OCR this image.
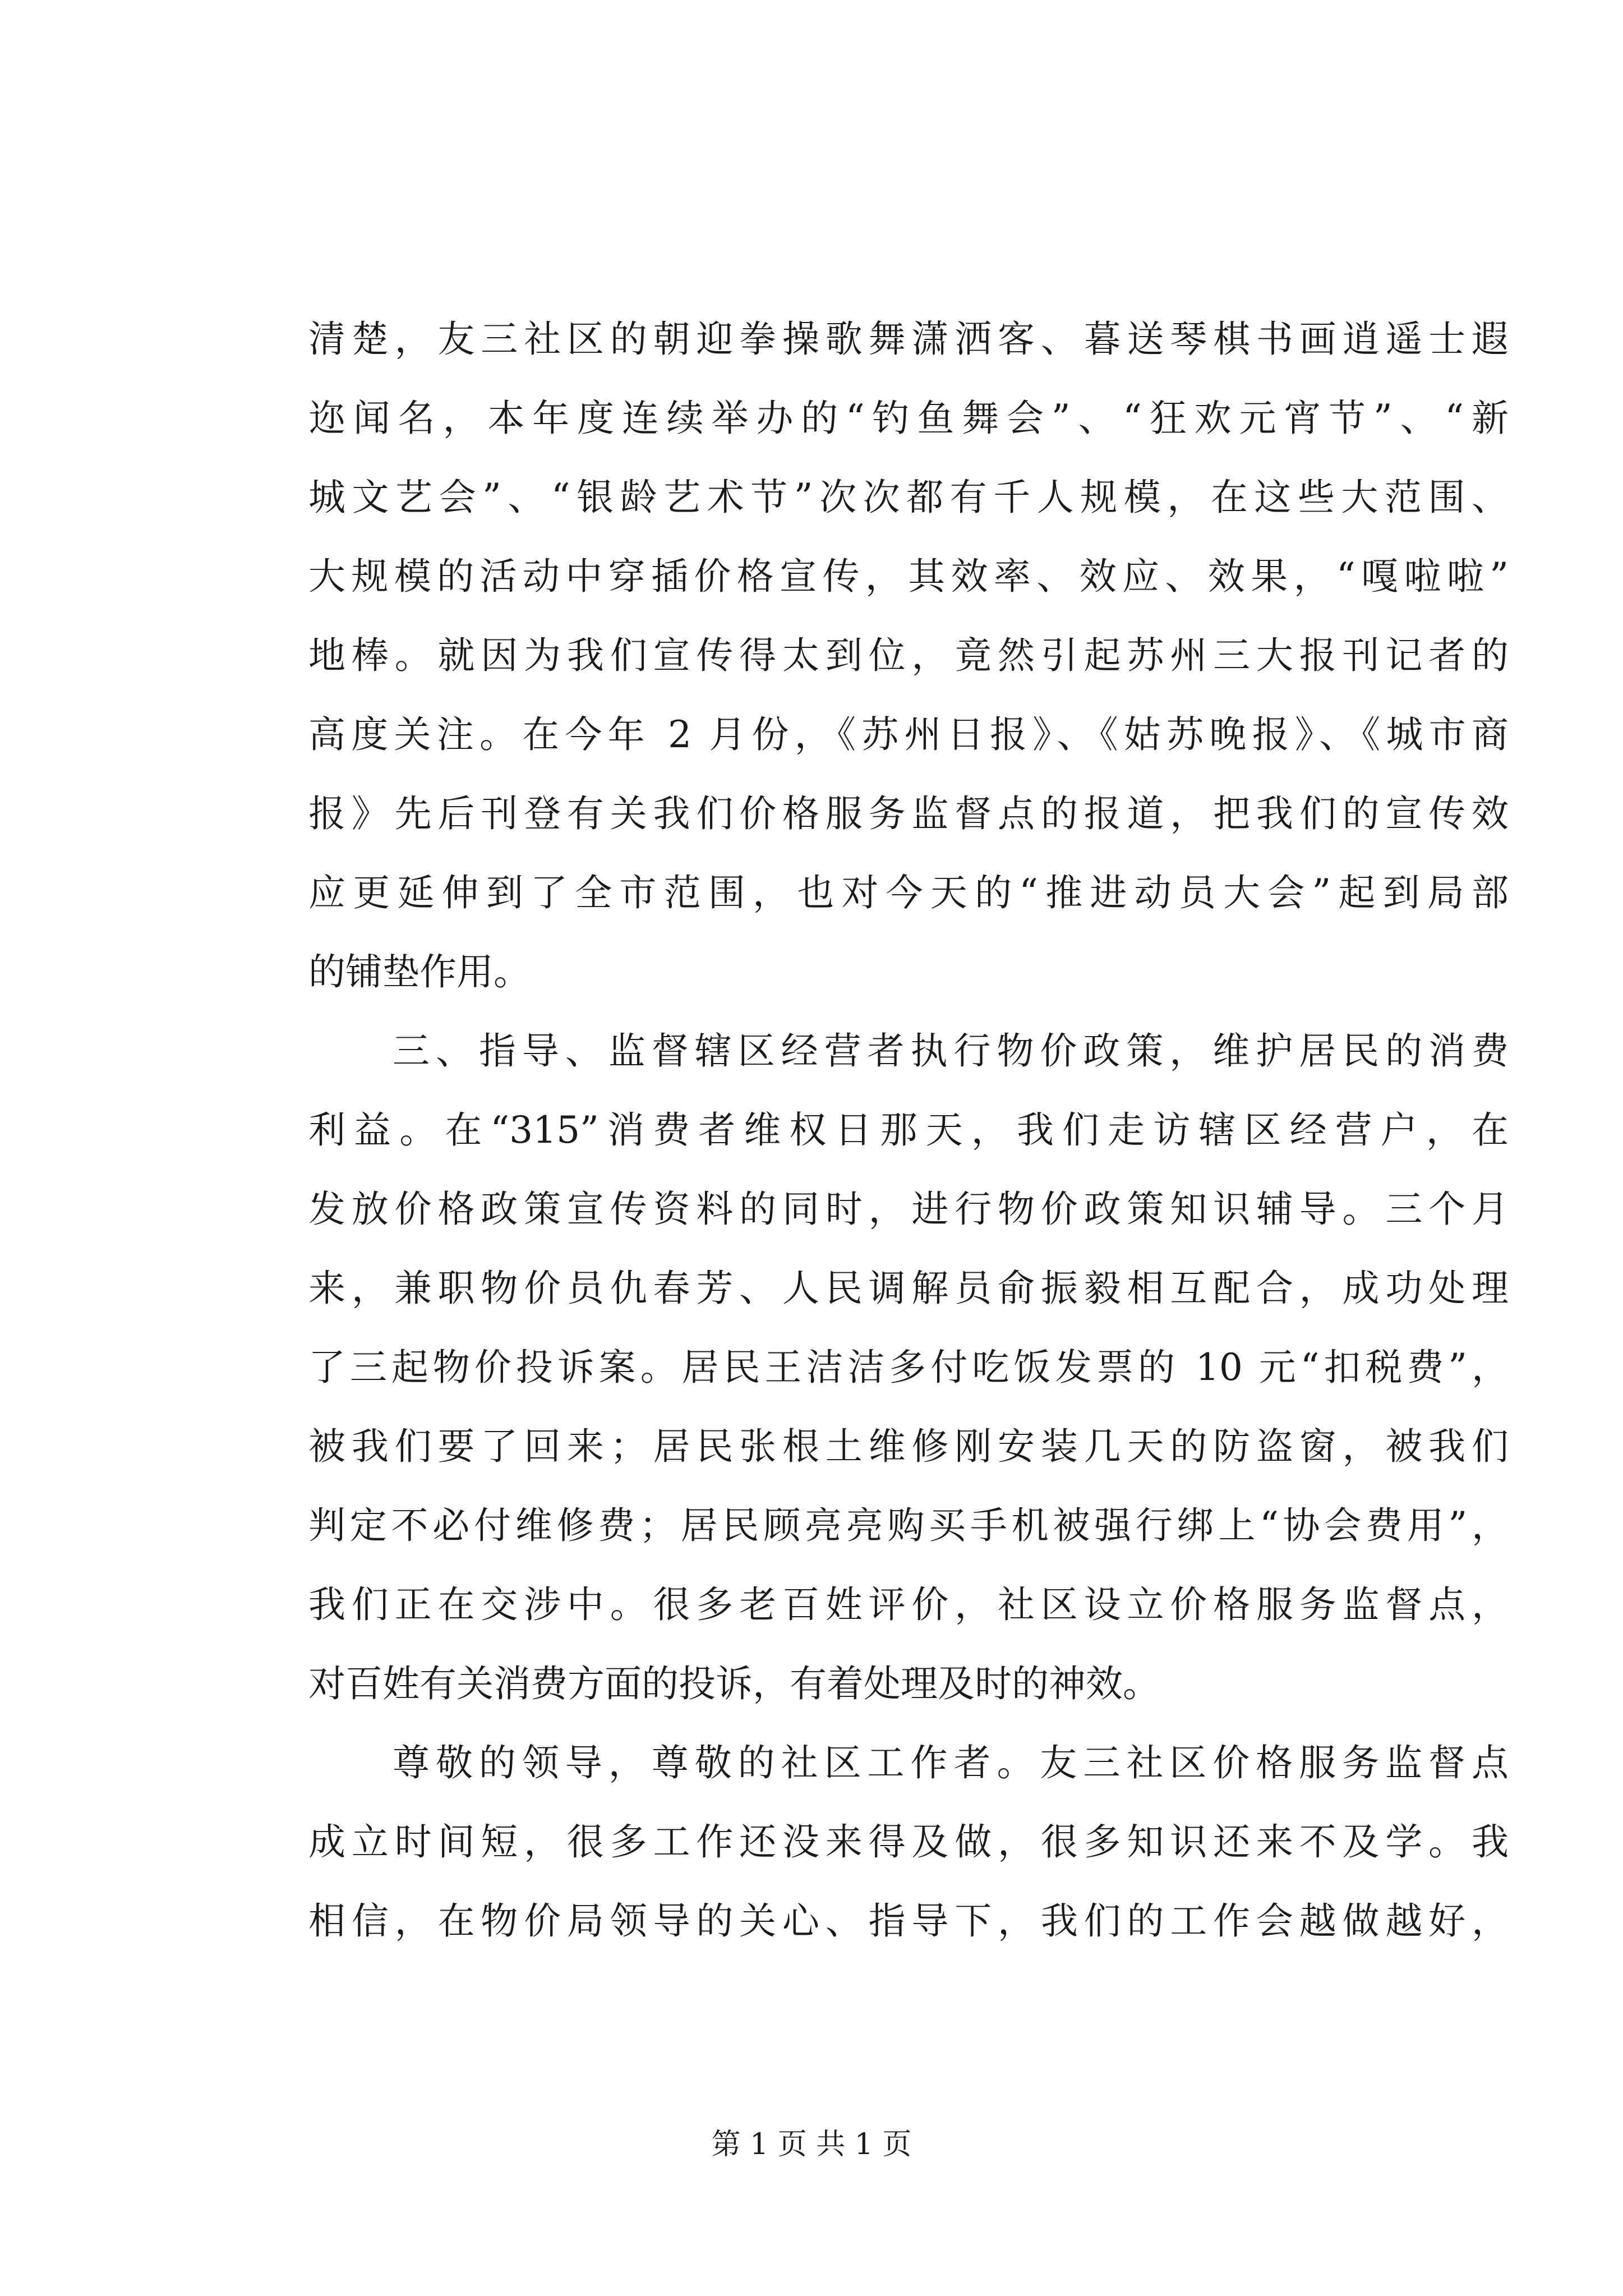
清楚，友三社区的朝迎拳操歌舞潇洒客、暮送琴棋书画逍遥士遐
迩闻名，本年度连续举办的“钓鱼舞会”、“狂欢元宵节”、“新
城文艺会”、“银龄艺术节”次次都有千人规模，在这些大范围、
大规模的活动中穿插价格宣传，其效率、效应、效果，“嘎啦啦”
地棒。就因为我们宣传得太到位，竟然引起苏州三大报刊记者的
高度关注。在今年 2 月份，《苏州日报》、《姑苏晚报》、《城市商
报》先后刊登有关我们价格服务监督点的报道，把我们的宣传效
应更延伸到了全市范围，也对今天的“推进动员大会”起到局部
的铺垫作用。
三、指导、监督辖区经营者执行物价政策，维护居民的消费
利益。在“315”消费者维权日那天，我们走访辖区经营户，在
发放价格政策宣传资料的同时，进行物价政策知识辅导。三个月
来，兼职物价员仇春芳、人民调解员俞振毅相互配合，成功处理
了三起物价投诉案。居民王洁洁多付吃饭发票的 10 元“扣税费”，
被我们要了回来；居民张根土维修刚安装几天的防盗窗，被我们
判定不必付维修费；居民顾亮亮购买手机被强行绑上“协会费用”，
我们正在交涉中。很多老百姓评价，社区设立价格服务监督点，
对百姓有关消费方面的投诉，有着处理及时的神效。
尊敬的领导，尊敬的社区工作者。友三社区价格服务监督点
成立时间短，很多工作还没来得及做，很多知识还来不及学。我
相信，在物价局领导的关心、指导下，我们的工作会越做越好，
第 1 页 共 1 页
